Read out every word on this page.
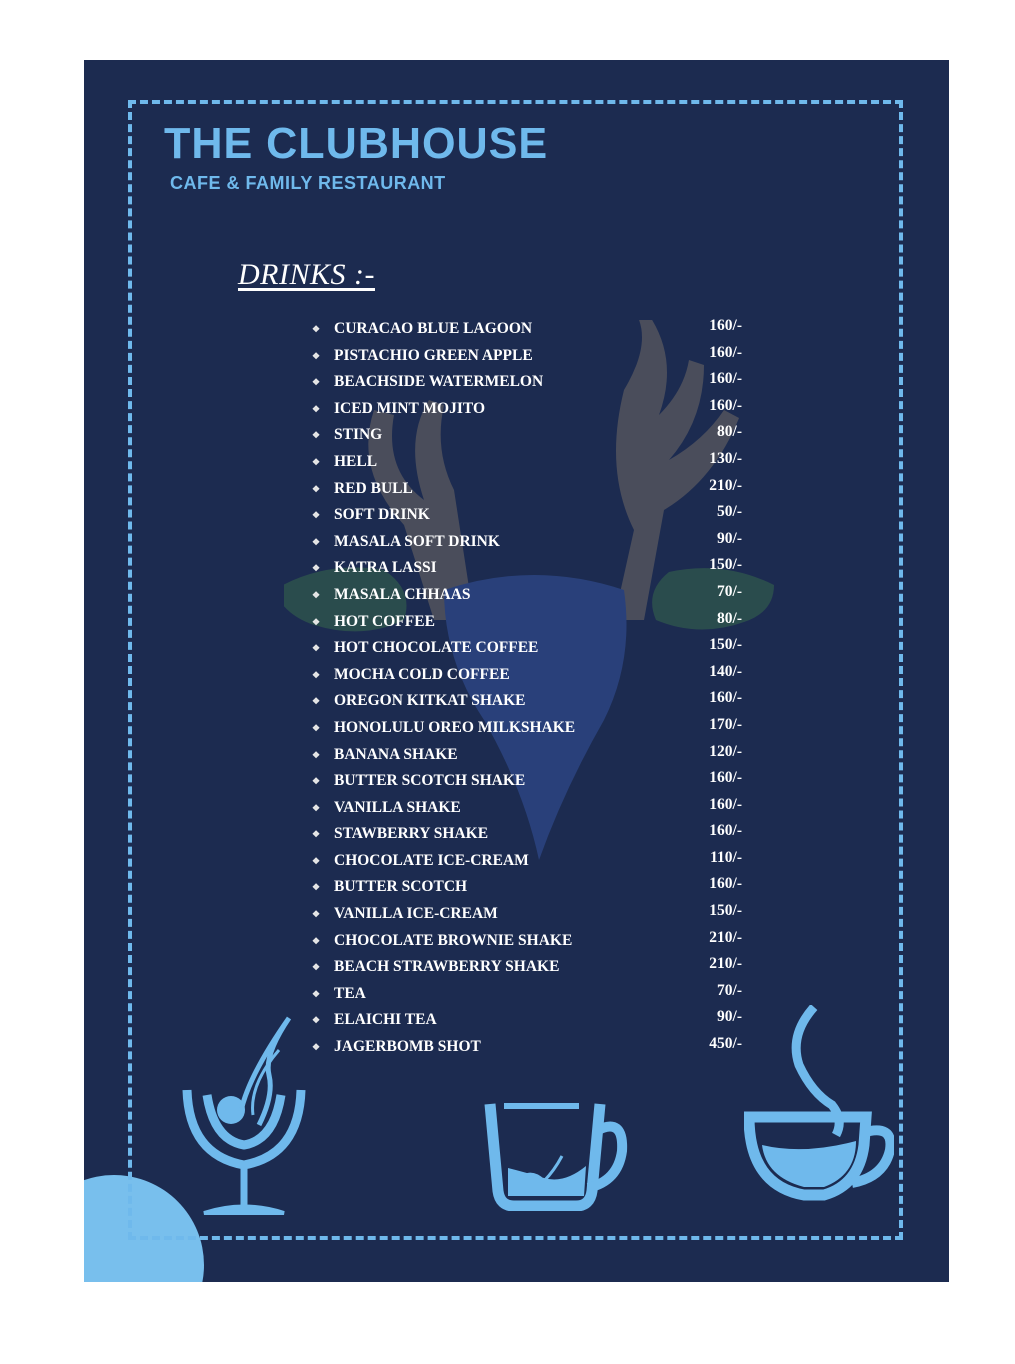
THE CLUBHOUSE
CAFE & FAMILY RESTAURANT
DRINKS :-
❖ CURACAO BLUE LAGOON	160/-
❖ PISTACHIO GREEN APPLE	160/-
❖ BEACHSIDE WATERMELON	160/-
❖ ICED MINT MOJITO	160/-
❖ STING	80/-
❖ HELL	130/-
❖ RED BULL	210/-
❖ SOFT DRINK	50/-
❖ MASALA SOFT DRINK	90/-
❖ KATRA LASSI	150/-
❖ MASALA CHHAAS	70/-
❖ HOT COFFEE	80/-
❖ HOT CHOCOLATE COFFEE	150/-
❖ MOCHA COLD COFFEE	140/-
❖ OREGON KITKAT SHAKE	160/-
❖ HONOLULU OREO MILKSHAKE	170/-
❖ BANANA SHAKE	120/-
❖ BUTTER SCOTCH SHAKE	160/-
❖ VANILLA SHAKE	160/-
❖ STAWBERRY SHAKE	160/-
❖ CHOCOLATE ICE-CREAM	110/-
❖ BUTTER SCOTCH	160/-
❖ VANILLA ICE-CREAM	150/-
❖ CHOCOLATE BROWNIE SHAKE	210/-
❖ BEACH STRAWBERRY SHAKE	210/-
❖ TEA	70/-
❖ ELAICHI TEA	90/-
❖ JAGERBOMB SHOT	450/-
